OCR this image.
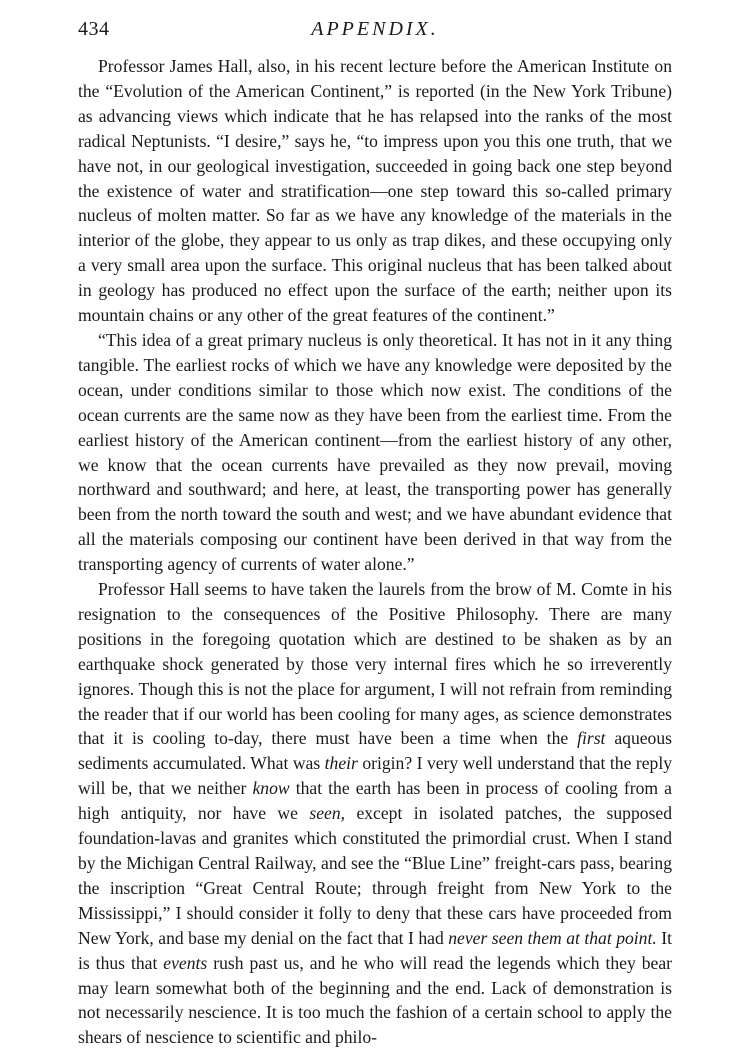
434	APPENDIX.

Professor James Hall, also, in his recent lecture before the American Institute on the “Evolution of the American Continent,” is reported (in the New York Tribune) as advancing views which indicate that he has relapsed into the ranks of the most radical Neptunists. “I desire,” says he, “to impress upon you this one truth, that we have not, in our geological investigation, succeeded in going back one step beyond the existence of water and stratification—one step toward this so-called primary nucleus of molten matter. So far as we have any knowledge of the materials in the interior of the globe, they appear to us only as trap dikes, and these occupying only a very small area upon the surface. This original nucleus that has been talked about in geology has produced no effect upon the surface of the earth; neither upon its mountain chains or any other of the great features of the continent.”

“This idea of a great primary nucleus is only theoretical. It has not in it any thing tangible. The earliest rocks of which we have any knowledge were deposited by the ocean, under conditions similar to those which now exist. The conditions of the ocean currents are the same now as they have been from the earliest time. From the earliest history of the American continent—from the earliest history of any other, we know that the ocean currents have prevailed as they now prevail, moving northward and southward; and here, at least, the transporting power has generally been from the north toward the south and west; and we have abundant evidence that all the materials composing our continent have been derived in that way from the transporting agency of currents of water alone.”

Professor Hall seems to have taken the laurels from the brow of M. Comte in his resignation to the consequences of the Positive Philosophy. There are many positions in the foregoing quotation which are destined to be shaken as by an earthquake shock generated by those very internal fires which he so irreverently ignores. Though this is not the place for argument, I will not refrain from reminding the reader that if our world has been cooling for many ages, as science demonstrates that it is cooling to-day, there must have been a time when the first aqueous sediments accumulated. What was their origin? I very well understand that the reply will be, that we neither know that the earth has been in process of cooling from a high antiquity, nor have we seen, except in isolated patches, the supposed foundation-lavas and granites which constituted the primordial crust. When I stand by the Michigan Central Railway, and see the “Blue Line” freight-cars pass, bearing the inscription “Great Central Route; through freight from New York to the Mississippi,” I should consider it folly to deny that these cars have proceeded from New York, and base my denial on the fact that I had never seen them at that point. It is thus that events rush past us, and he who will read the legends which they bear may learn somewhat both of the beginning and the end. Lack of demonstration is not necessarily nescience. It is too much the fashion of a certain school to apply the shears of nescience to scientific and philo-
